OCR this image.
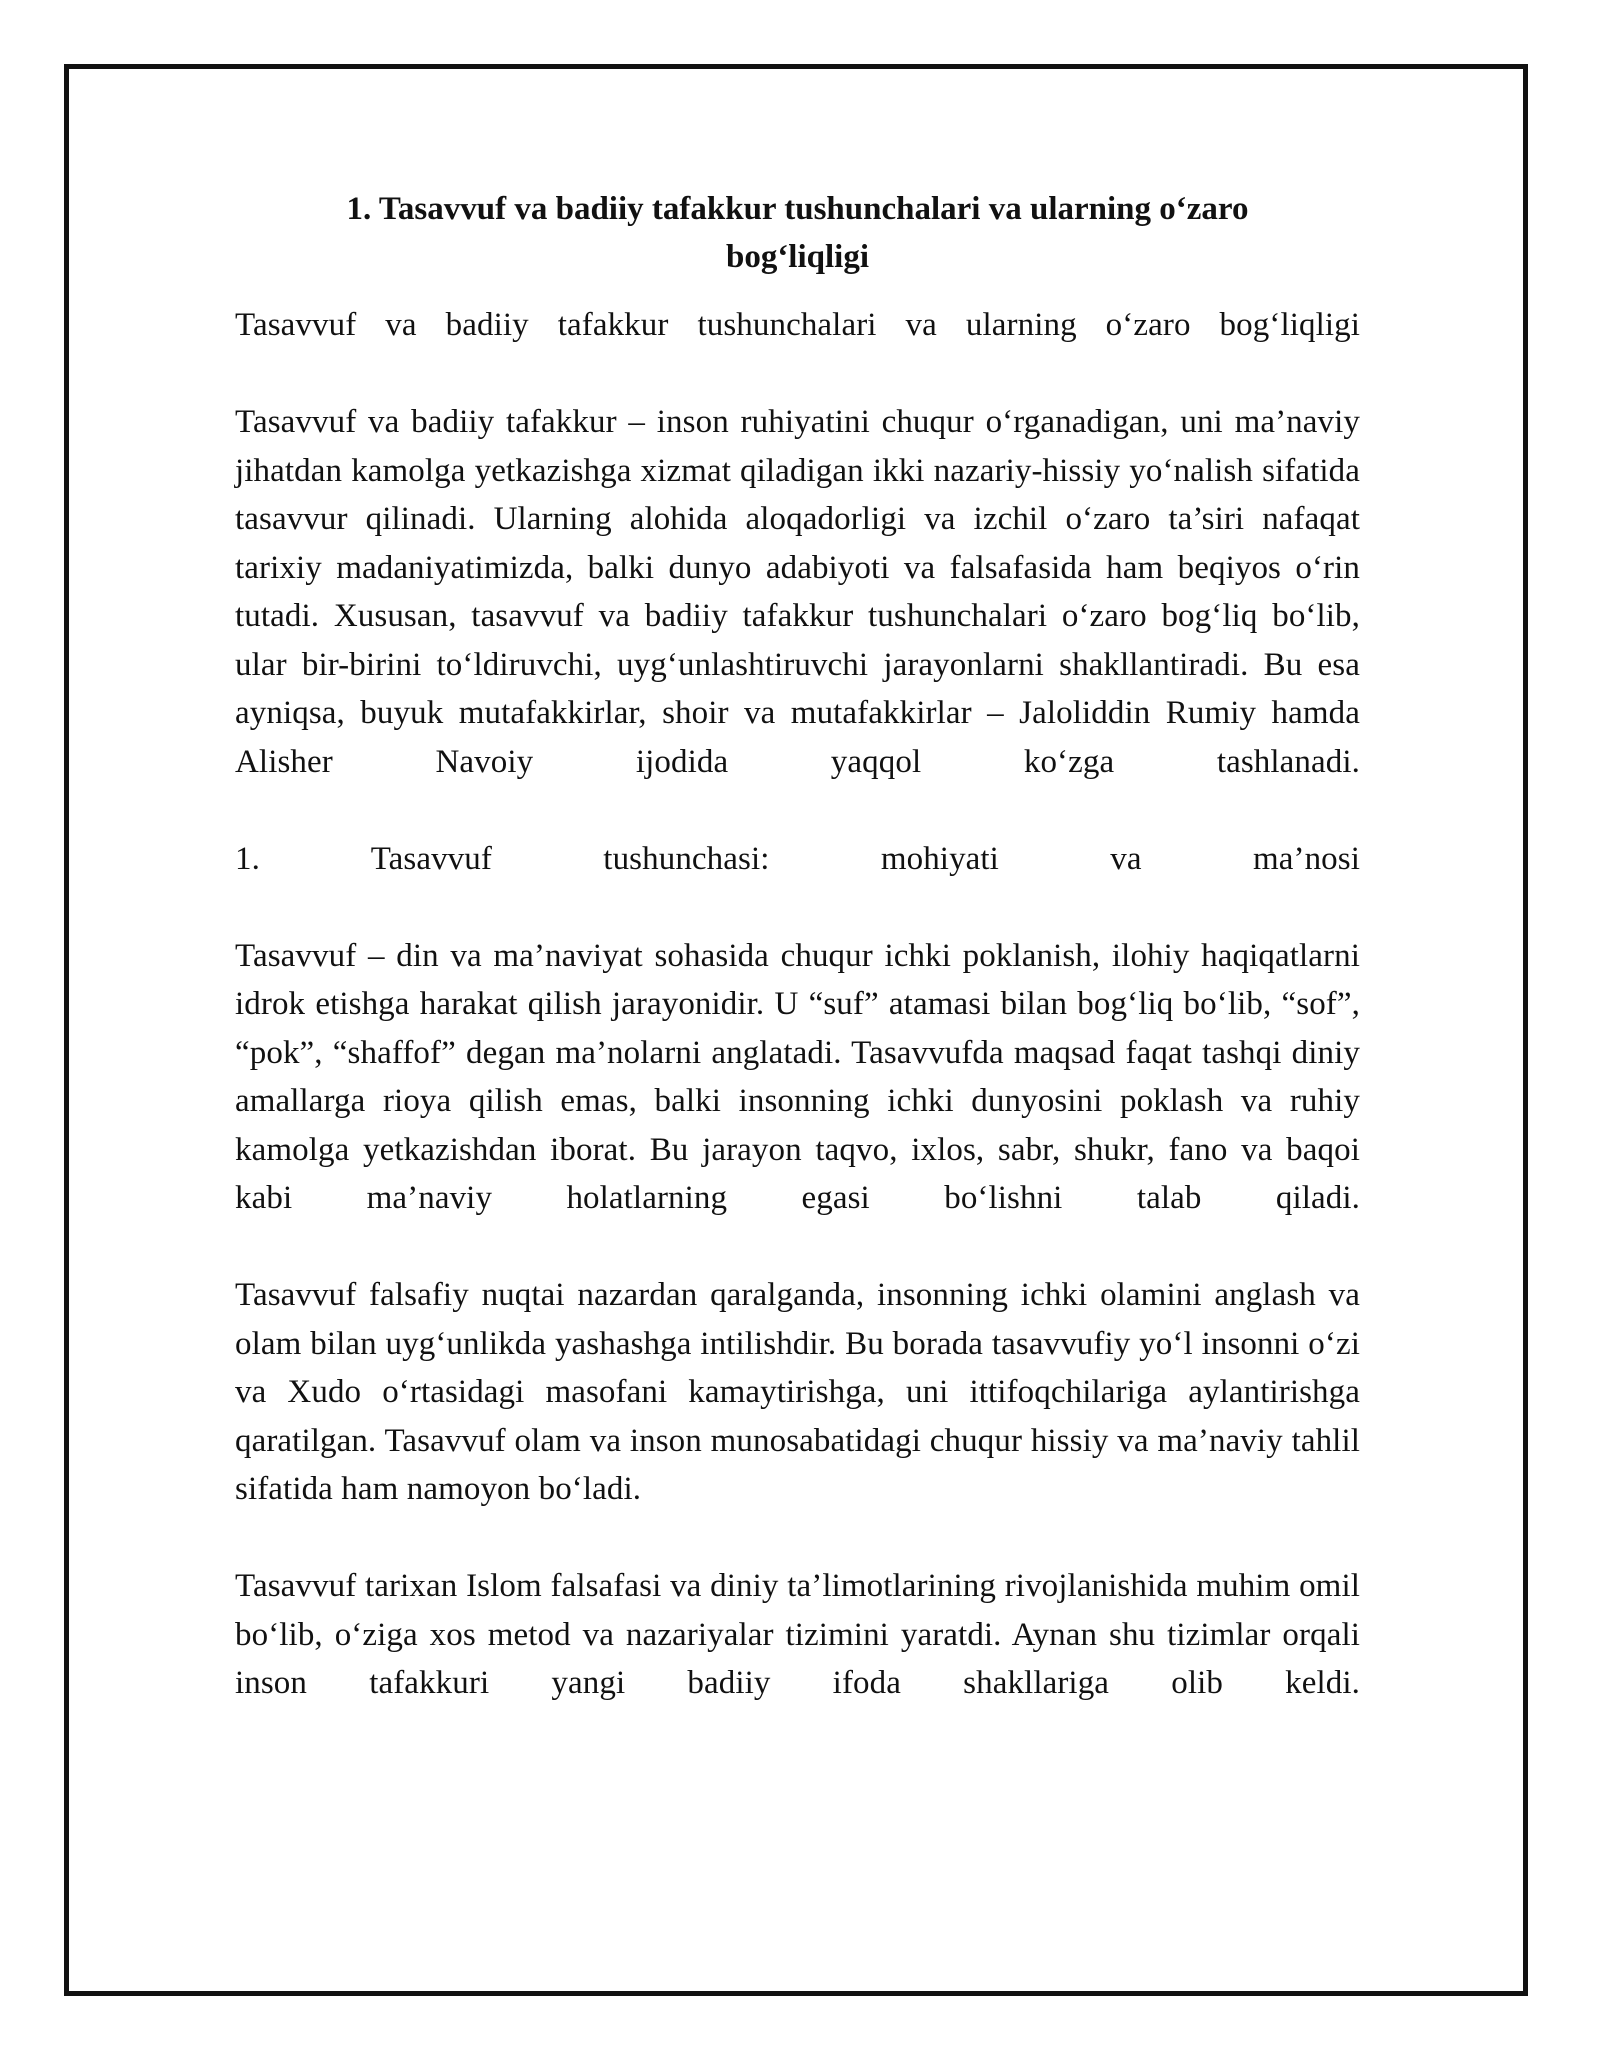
1. Tasavvuf va badiiy tafakkur tushunchalari va ularning o‘zaro
bog‘liqligi

Tasavvuf va badiiy tafakkur tushunchalari va ularning o‘zaro bog‘liqligi

Tasavvuf va badiiy tafakkur – inson ruhiyatini chuqur o‘rganadigan, uni ma’naviy jihatdan kamolga yetkazishga xizmat qiladigan ikki nazariy-hissiy yo‘nalish sifatida tasavvur qilinadi. Ularning alohida aloqadorligi va izchil o‘zaro ta’siri nafaqat tarixiy madaniyatimizda, balki dunyo adabiyoti va falsafasida ham beqiyos o‘rin tutadi. Xususan, tasavvuf va badiiy tafakkur tushunchalari o‘zaro bog‘liq bo‘lib, ular bir-birini to‘ldiruvchi, uyg‘unlashtiruvchi jarayonlarni shakllantiradi. Bu esa ayniqsa, buyuk mutafakkirlar, shoir va mutafakkirlar – Jaloliddin Rumiy hamda Alisher Navoiy ijodida yaqqol ko‘zga tashlanadi.

1. Tasavvuf tushunchasi: mohiyati va ma’nosi

Tasavvuf – din va ma’naviyat sohasida chuqur ichki poklanish, ilohiy haqiqatlarni idrok etishga harakat qilish jarayonidir. U “suf” atamasi bilan bog‘liq bo‘lib, “sof”, “pok”, “shaffof” degan ma’nolarni anglatadi. Tasavvufda maqsad faqat tashqi diniy amallarga rioya qilish emas, balki insonning ichki dunyosini poklash va ruhiy kamolga yetkazishdan iborat. Bu jarayon taqvo, ixlos, sabr, shukr, fano va baqoi kabi ma’naviy holatlarning egasi bo‘lishni talab qiladi.

Tasavvuf falsafiy nuqtai nazardan qaralganda, insonning ichki olamini anglash va olam bilan uyg‘unlikda yashashga intilishdir. Bu borada tasavvufiy yo‘l insonni o‘zi va Xudo o‘rtasidagi masofani kamaytirishga, uni ittifoqchilariga aylantirishga qaratilgan. Tasavvuf olam va inson munosabatidagi chuqur hissiy va ma’naviy tahlil sifatida ham namoyon bo‘ladi.

Tasavvuf tarixan Islom falsafasi va diniy ta’limotlarining rivojlanishida muhim omil bo‘lib, o‘ziga xos metod va nazariyalar tizimini yaratdi. Aynan shu tizimlar orqali inson tafakkuri yangi badiiy ifoda shakllariga olib keldi.
